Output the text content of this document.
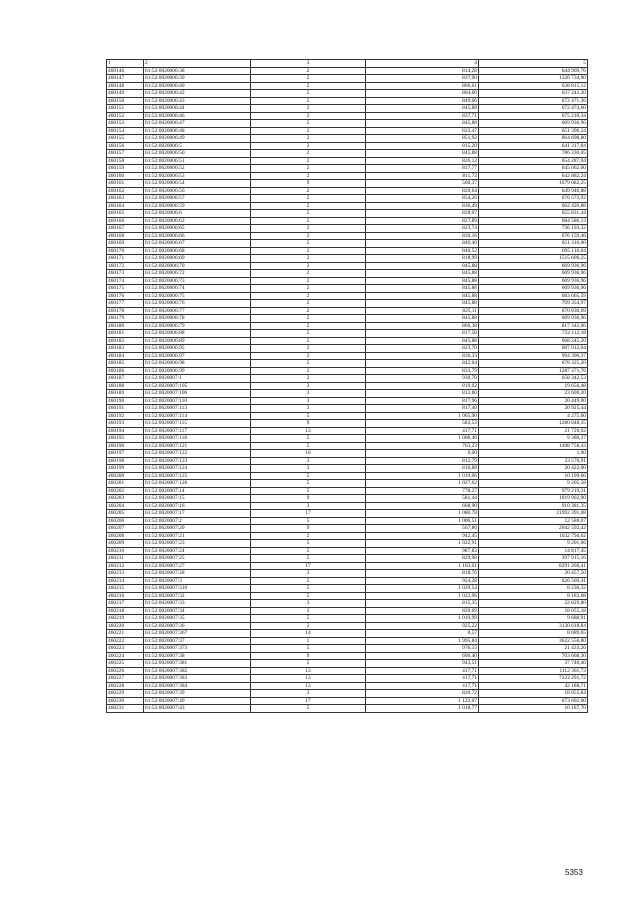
1	2	3	4	5
460146	61:52:0020006:38	2	814,28	644 909,76
460147	61:52:0020006:39	2	837,90	1326 734,90
460148	61:52:0020006:40	2	806,61	638 815,12
460149	61:52:0020006:42	2	804,60	637 243,20
460150	61:52:0020006:43	2	849,06	672 471,36
460151	61:52:0020006:44	2	845,88	672 474,60
460152	61:52:0020006:46	2	837,71	675 210,34
460153	61:52:0020006:47	2	845,88	669 936,96
460154	61:52:0020006:48	2	822,47	651 396,24
460155	61:52:0020006:49	2	851,92	864 698,80
460156	61:52:0020006:5	2	815,20	641 317,84
460157	61:52:0020006:50	2	845,88	786 330,05
460158	61:52:0020006:51	2	826,12	654 287,04
460159	61:52:0020006:52	2	837,77	645 062,00
460160	61:52:0020006:53	2	811,72	642 882,24
460161	61:52:0020006:54	9	560,37	1679 082,25
460162	61:52:0020006:56	2	820,64	649 946,88
460163	61:52:0020006:57	2	854,26	676 573,92
460164	61:52:0020006:59	2	836,49	662 420,88
460165	61:52:0020006:6	2	828,07	655 831,44
460166	61:52:0020006:62	2	827,89	684 586,13
460167	61:52:0020006:65	2	823,74	736 193,32
460168	61:52:0020006:66	2	830,16	676 159,46
460169	61:52:0020006:67	2	840,40	651 310,00
460170	61:52:0020006:68	2	840,52	695 110,04
460171	61:52:0020006:69	2	818,99	1515 606,25
460172	61:52:0020006:70	2	845,88	669 936,96
460173	61:52:0020006:72	2	845,88	669 936,96
460174	61:52:0020006:73	2	845,88	669 936,96
460175	61:52:0020006:74	2	845,88	669 936,96
460176	61:52:0020006:75	2	845,88	683 665,59
460177	61:52:0020006:76	2	845,88	709 354,97
460178	61:52:0020006:77	2	825,11	670 830,69
460179	61:52:0020006:78	2	845,88	669 936,96
460180	61:52:0020006:79	2	860,38	817 342,06
460181	61:52:0020006:88	2	817,58	732 112,18
460182	61:52:0020006:89	2	845,88	668 245,20
460183	61:52:0020006:95	2	823,70	687 012,04
460184	61:52:0020006:97	2	836,33	994 396,37
460185	61:52:0020006:98	2	842,64	678 325,20
460186	61:52:0020006:99	2	833,79	1287 371,76
460187	61:52:0020007:1	2	930,70	658 342,53
460188	61:52:0020007:105	3	819,02	19 656,48
460189	61:52:0020007:106	3	813,80	23 600,20
460190	61:52:0020007:110	3	817,96	20 449,00
460191	61:52:0020007:113	3	817,40	20 925,44
460192	61:52:0020007:114	5	1 065,90	4 275,60
460193	61:52:0020007:115	9	583,53	1280 848,35
460194	61:52:0020007:117	13	417,71	21 720,92
460195	61:52:0020007:118	5	1 008,46	9 380,37
460196	61:52:0020007:121	5	763,23	1408 758,43
460197	61:52:0020007:122	16	0,00	1,00
460198	61:52:0020007:123	3	812,79	23 570,91
460199	61:52:0020007:124	3	816,88	20 422,00
460200	61:52:0020007:125	5	1 019,06	10 199,60
460201	61:52:0020007:126	5	1 027,62	9 205,58
460202	61:52:0020007:14	5	778,27	979 219,31
460203	61:52:0020007:15	9	581,44	1019 902,90
460204	61:52:0020007:16	3	668,90	910 381,35
460205	61:52:0020007:17	17	1 080,78	21992 391,08
460206	61:52:0020007:2	5	1 006,51	12 580,07
460207	61:52:0020007:20	9	567,86	2042 592,42
460208	61:52:0020007:21	2	942,45	1632 794,62
460209	61:52:0020007:23	5	1 022,91	9 201,06
460210	61:52:0020007:24	5	987,83	14 817,45
460211	61:52:0020007:25	5	829,98	397 915,16
460212	61:52:0020007:27	17	1 103,01	8291 260,41
460213	61:52:0020007:28	3	818,76	20 457,50
460214	61:52:0020007:3	2	924,28	626 569,41
460215	61:52:0020007:310	5	1 029,54	8 236,32
460216	61:52:0020007:32	5	1 022,96	8 183,68
460217	61:52:0020007:33	3	815,35	22 829,80
460218	61:52:0020007:34	3	820,69	18 055,18
460219	61:52:0020007:35	5	1 019,99	9 688,91
460220	61:52:0020007:36	2	925,22	3130 618,84
460221	61:52:0020007:367	14	0,57	8 689,65
460222	61:52:0020007:37	1	1 995,84	3622 556,80
460223	61:52:0020007:373	5	976,33	21 433,26
460224	61:52:0020007:38	9	600,40	703 668,30
460225	61:52:0020007:381	5	943,51	37 740,40
460226	61:52:0020007:382	13	417,71	1112 361,73
460227	61:52:0020007:383	13	417,71	7323 291,72
460228	61:52:0020007:384	13	417,71	42 188,71
460229	61:52:0020007:39	3	820,72	18 055,84
460230	61:52:0020007:40	17	1 122,67	673 602,00
460231	61:52:0020007:43	5	1 018,77	10 187,70
5353
